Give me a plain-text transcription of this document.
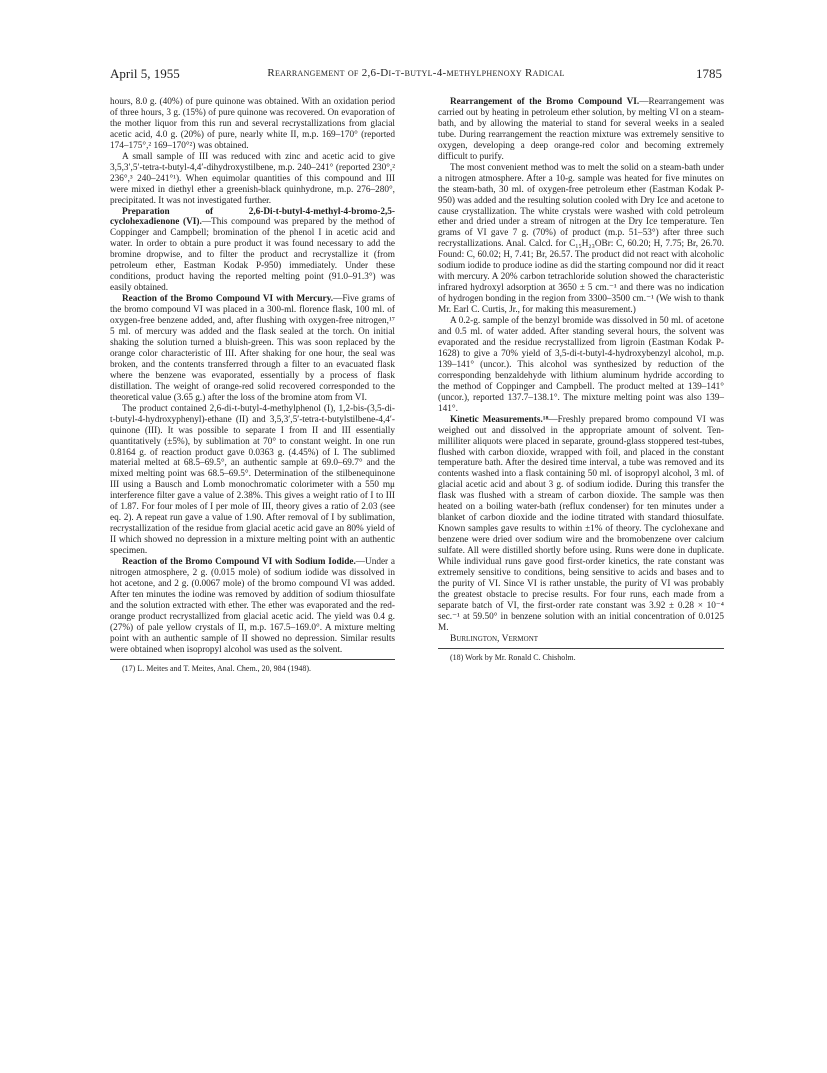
April 5, 1955	Rearrangement of 2,6-Di-t-butyl-4-methylphenoxy Radical	1785

hours, 8.0 g. (40%) of pure quinone was obtained. With an oxidation period of three hours, 3 g. (15%) of pure quinone was recovered. On evaporation of the mother liquor from this run and several recrystallizations from glacial acetic acid, 4.0 g. (20%) of pure, nearly white II, m.p. 169–170° (reported 174–175°,² 169–170°²) was obtained.

A small sample of III was reduced with zinc and acetic acid to give 3,5,3′,5′-tetra-t-butyl-4,4′-dihydroxystilbene, m.p. 240–241° (reported 230°,² 236°,³ 240–241°¹). When equimolar quantities of this compound and III were mixed in diethyl ether a greenish-black quinhydrone, m.p. 276–280°, precipitated. It was not investigated further.

Preparation of 2,6-Di-t-butyl-4-methyl-4-bromo-2,5-cyclohexadienone (VI).—This compound was prepared by the method of Coppinger and Campbell; bromination of the phenol I in acetic acid and water. In order to obtain a pure product it was found necessary to add the bromine dropwise, and to filter the product and recrystallize it (from petroleum ether, Eastman Kodak P-950) immediately. Under these conditions, product having the reported melting point (91.0–91.3°) was easily obtained.

Reaction of the Bromo Compound VI with Mercury.—Five grams of the bromo compound VI was placed in a 300-ml. florence flask, 100 ml. of oxygen-free benzene added, and, after flushing with oxygen-free nitrogen,¹⁷ 5 ml. of mercury was added and the flask sealed at the torch. On initial shaking the solution turned a bluish-green. This was soon replaced by the orange color characteristic of III. After shaking for one hour, the seal was broken, and the contents transferred through a filter to an evacuated flask where the benzene was evaporated, essentially by a process of flask distillation. The weight of orange-red solid recovered corresponded to the theoretical value (3.65 g.) after the loss of the bromine atom from VI.

The product contained 2,6-di-t-butyl-4-methylphenol (I), 1,2-bis-(3,5-di-t-butyl-4-hydroxyphenyl)-ethane (II) and 3,5,3′,5′-tetra-t-butylstilbene-4,4′-quinone (III). It was possible to separate I from II and III essentially quantitatively (±5%), by sublimation at 70° to constant weight. In one run 0.8164 g. of reaction product gave 0.0363 g. (4.45%) of I. The sublimed material melted at 68.5–69.5°, an authentic sample at 69.0–69.7° and the mixed melting point was 68.5–69.5°. Determination of the stilbenequinone III using a Bausch and Lomb monochromatic colorimeter with a 550 mμ interference filter gave a value of 2.38%. This gives a weight ratio of I to III of 1.87. For four moles of I per mole of III, theory gives a ratio of 2.03 (see eq. 2). A repeat run gave a value of 1.90. After removal of I by sublimation, recrystallization of the residue from glacial acetic acid gave an 80% yield of II which showed no depression in a mixture melting point with an authentic specimen.

Reaction of the Bromo Compound VI with Sodium Iodide.—Under a nitrogen atmosphere, 2 g. (0.015 mole) of sodium iodide was dissolved in hot acetone, and 2 g. (0.0067 mole) of the bromo compound VI was added. After ten minutes the iodine was removed by addition of sodium thiosulfate and the solution extracted with ether. The ether was evaporated and the red-orange product recrystallized from glacial acetic acid. The yield was 0.4 g. (27%) of pale yellow crystals of II, m.p. 167.5–169.0°. A mixture melting point with an authentic sample of II showed no depression. Similar results were obtained when isopropyl alcohol was used as the solvent.

(17) L. Meites and T. Meites, Anal. Chem., 20, 984 (1948).

Rearrangement of the Bromo Compound VI.—Rearrangement was carried out by heating in petroleum ether solution, by melting VI on a steam-bath, and by allowing the material to stand for several weeks in a sealed tube. During rearrangement the reaction mixture was extremely sensitive to oxygen, developing a deep orange-red color and becoming extremely difficult to purify.

The most convenient method was to melt the solid on a steam-bath under a nitrogen atmosphere. After a 10-g. sample was heated for five minutes on the steam-bath, 30 ml. of oxygen-free petroleum ether (Eastman Kodak P-950) was added and the resulting solution cooled with Dry Ice and acetone to cause crystallization. The white crystals were washed with cold petroleum ether and dried under a stream of nitrogen at the Dry Ice temperature. Ten grams of VI gave 7 g. (70%) of product (m.p. 51–53°) after three such recrystallizations. Anal. Calcd. for C₁₅H₂₃OBr: C, 60.20; H, 7.75; Br, 26.70. Found: C, 60.02; H, 7.41; Br, 26.57. The product did not react with alcoholic sodium iodide to produce iodine as did the starting compound nor did it react with mercury. A 20% carbon tetrachloride solution showed the characteristic infrared hydroxyl adsorption at 3650 ± 5 cm.⁻¹ and there was no indication of hydrogen bonding in the region from 3300–3500 cm.⁻¹ (We wish to thank Mr. Earl C. Curtis, Jr., for making this measurement.)

A 0.2-g. sample of the benzyl bromide was dissolved in 50 ml. of acetone and 0.5 ml. of water added. After standing several hours, the solvent was evaporated and the residue recrystallized from ligroin (Eastman Kodak P-1628) to give a 70% yield of 3,5-di-t-butyl-4-hydroxybenzyl alcohol, m.p. 139–141° (uncor.). This alcohol was synthesized by reduction of the corresponding benzaldehyde with lithium aluminum hydride according to the method of Coppinger and Campbell. The product melted at 139–141° (uncor.), reported 137.7–138.1°. The mixture melting point was also 139–141°.

Kinetic Measurements.¹⁸—Freshly prepared bromo compound VI was weighed out and dissolved in the appropriate amount of solvent. Ten-milliliter aliquots were placed in separate, ground-glass stoppered test-tubes, flushed with carbon dioxide, wrapped with foil, and placed in the constant temperature bath. After the desired time interval, a tube was removed and its contents washed into a flask containing 50 ml. of isopropyl alcohol, 3 ml. of glacial acetic acid and about 3 g. of sodium iodide. During this transfer the flask was flushed with a stream of carbon dioxide. The sample was then heated on a boiling water-bath (reflux condenser) for ten minutes under a blanket of carbon dioxide and the iodine titrated with standard thiosulfate. Known samples gave results to within ±1% of theory. The cyclohexane and benzene were dried over sodium wire and the bromobenzene over calcium sulfate. All were distilled shortly before using. Runs were done in duplicate. While individual runs gave good first-order kinetics, the rate constant was extremely sensitive to conditions, being sensitive to acids and bases and to the purity of VI. Since VI is rather unstable, the purity of VI was probably the greatest obstacle to precise results. For four runs, each made from a separate batch of VI, the first-order rate constant was 3.92 ± 0.28 × 10⁻⁴ sec.⁻¹ at 59.50° in benzene solution with an initial concentration of 0.0125 M.

Burlington, Vermont

(18) Work by Mr. Ronald C. Chisholm.
